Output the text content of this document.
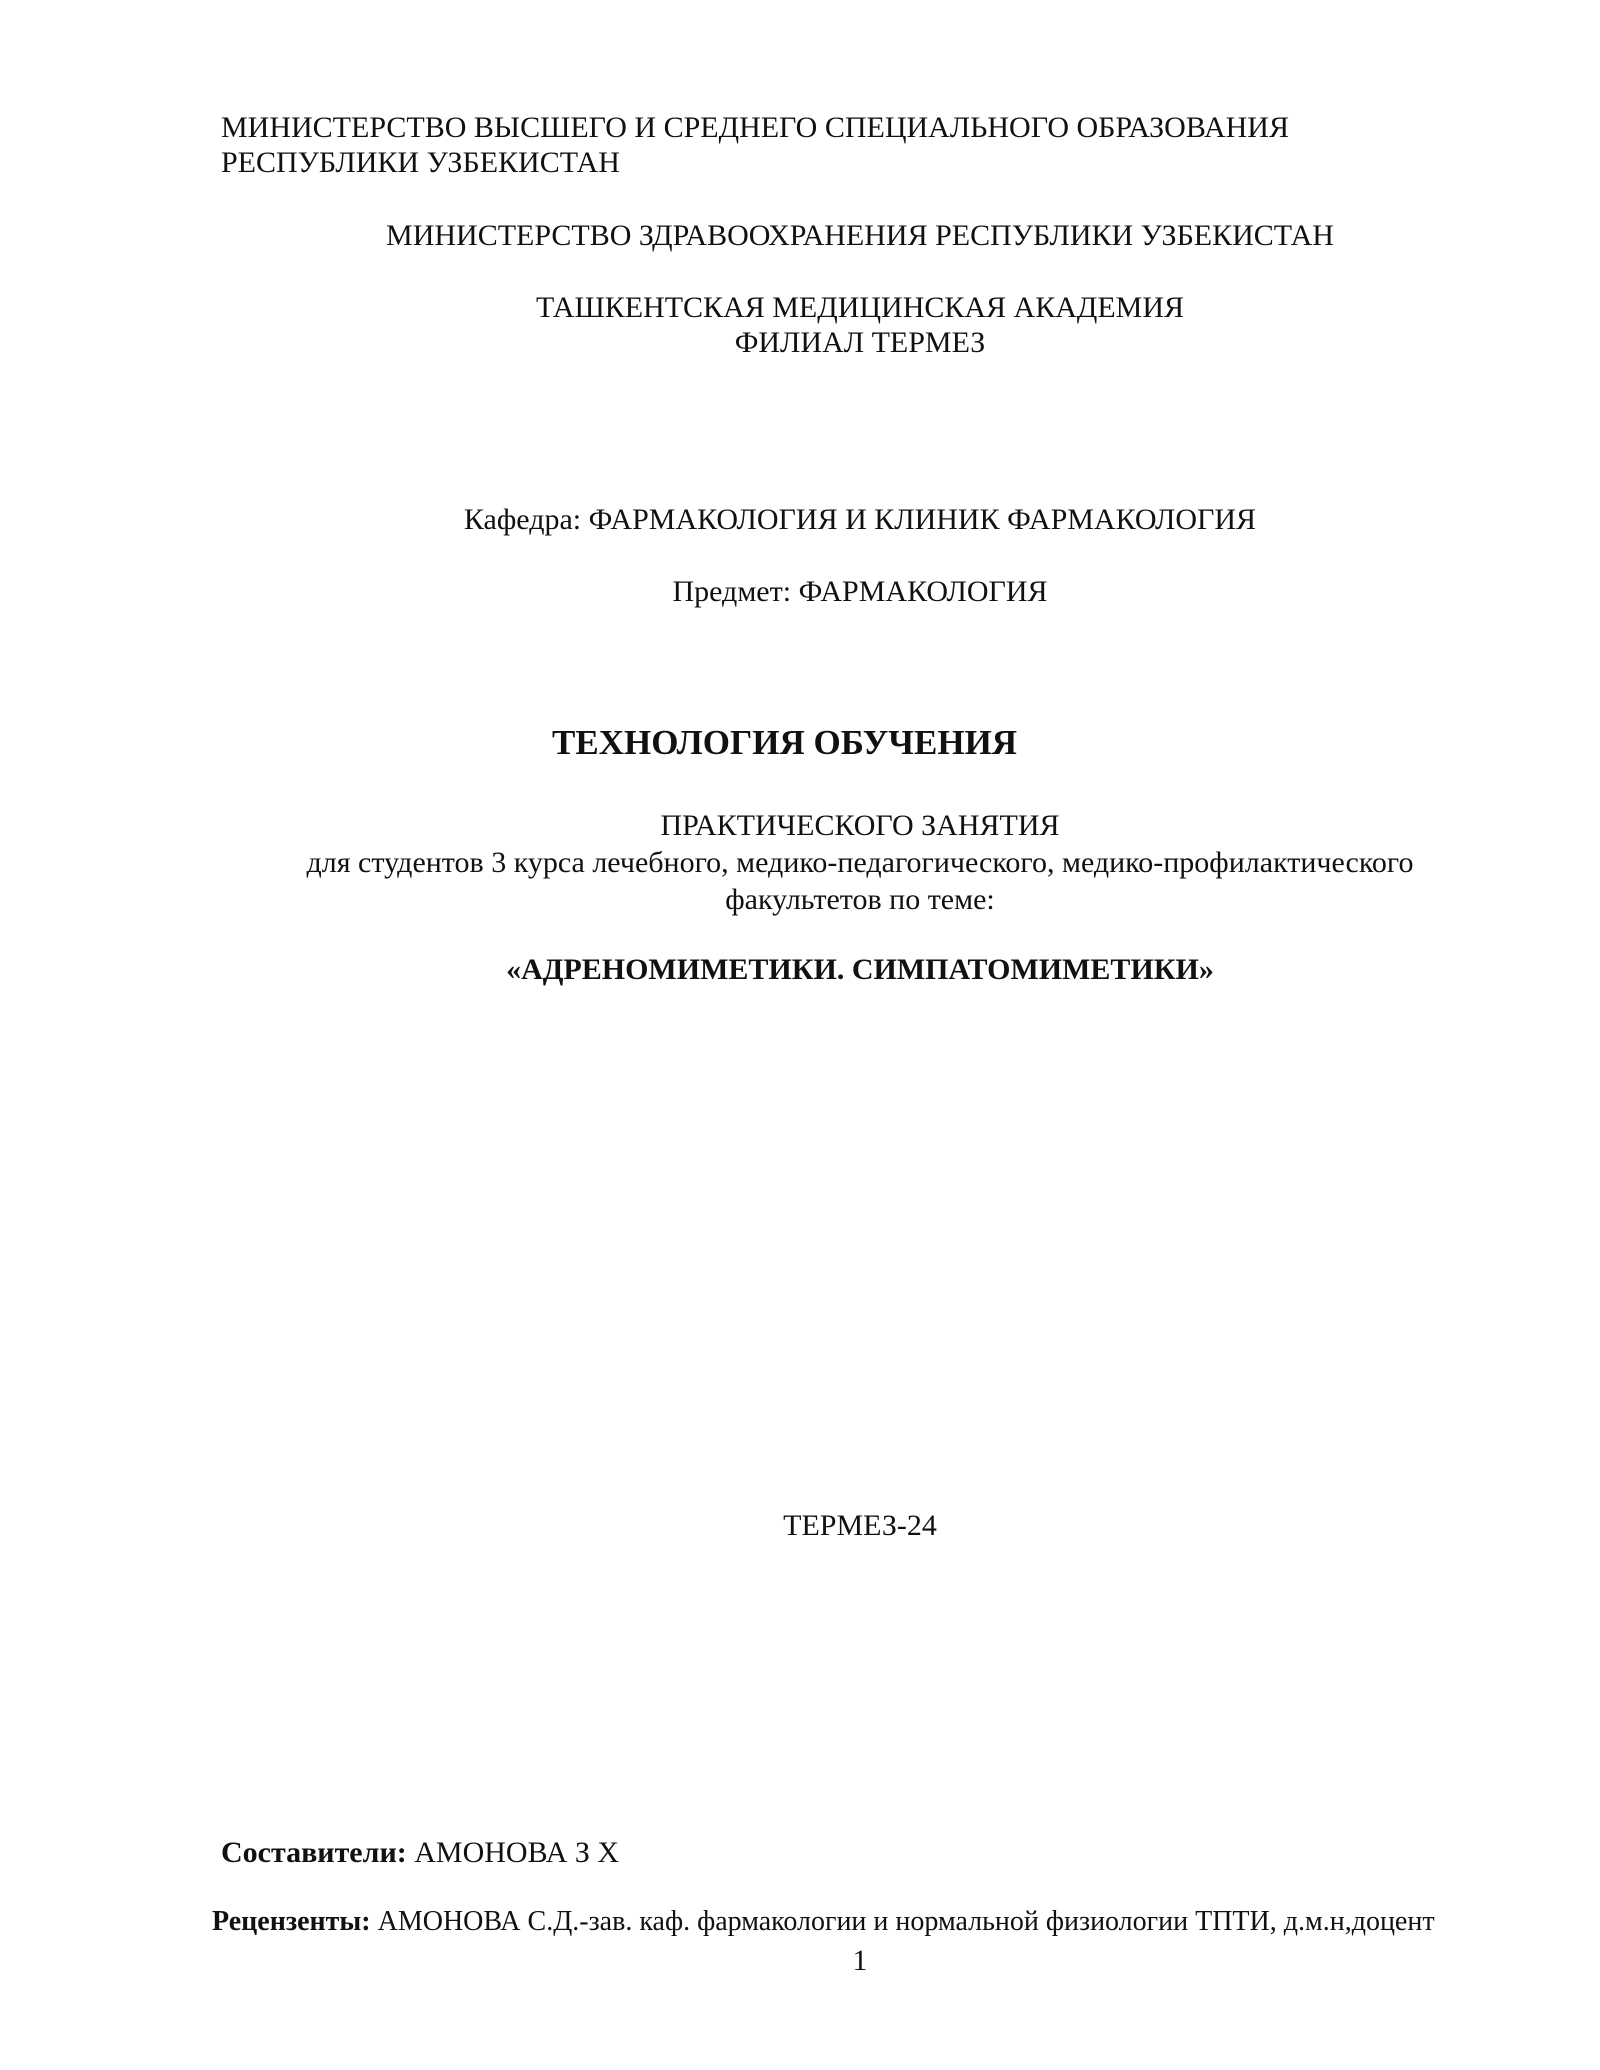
МИНИСТЕРСТВО ВЫСШЕГО И СРЕДНЕГО СПЕЦИАЛЬНОГО ОБРАЗОВАНИЯ
РЕСПУБЛИКИ УЗБЕКИСТАН
МИНИСТЕРСТВО ЗДРАВООХРАНЕНИЯ РЕСПУБЛИКИ УЗБЕКИСТАН
ТАШКЕНТСКАЯ МЕДИЦИНСКАЯ АКАДЕМИЯ
ФИЛИАЛ ТЕРМЕЗ
Кафедра: ФАРМАКОЛОГИЯ И КЛИНИК ФАРМАКОЛОГИЯ
Предмет: ФАРМАКОЛОГИЯ
ТЕХНОЛОГИЯ ОБУЧЕНИЯ
ПРАКТИЧЕСКОГО ЗАНЯТИЯ
для студентов 3 курса лечебного, медико-педагогического, медико-профилактического
факультетов по теме:
«АДРЕНОМИМЕТИКИ. СИМПАТОМИМЕТИКИ»
ТЕРМЕЗ-24
Составители: АМОНОВА З Х
Рецензенты: АМОНОВА С.Д.-зав. каф. фармакологии и нормальной физиологии ТПТИ, д.м.н,доцент
1
